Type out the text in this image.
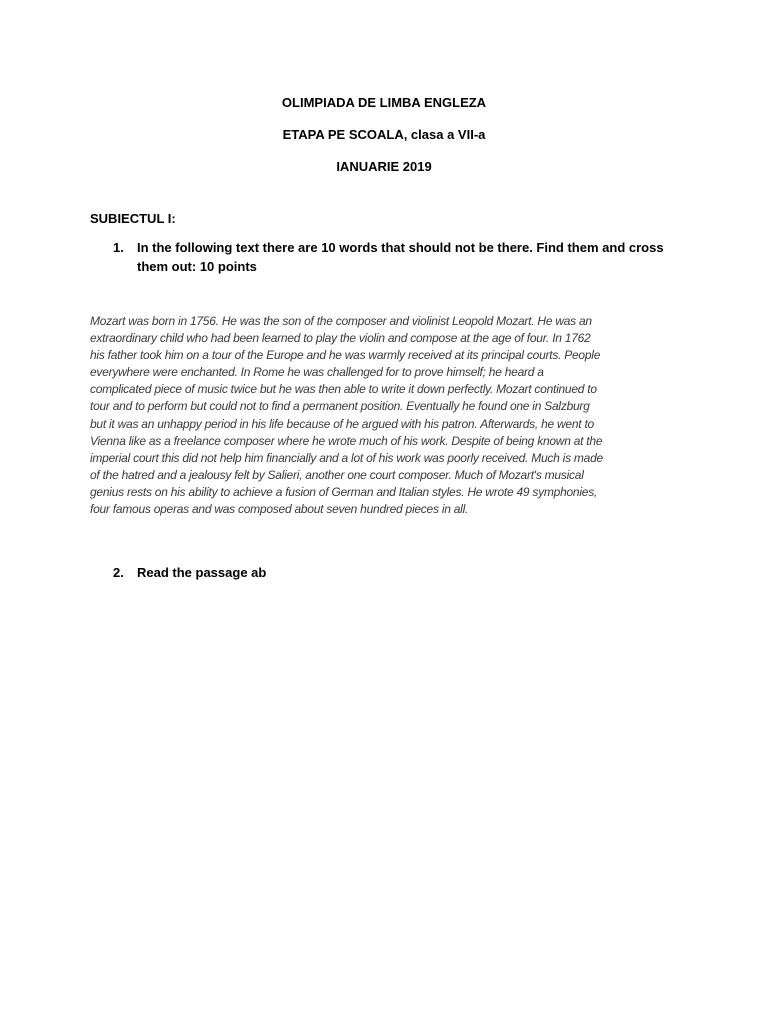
OLIMPIADA DE LIMBA ENGLEZA
ETAPA PE SCOALA, clasa a VII-a
IANUARIE 2019
SUBIECTUL I:
1.	In the following text there are 10 words that should not be there. Find them and cross them out: 10 points
Mozart was born in 1756. He was the son of the composer and violinist Leopold Mozart. He was an
extraordinary child who had been learned to play the violin and compose at the age of four. In 1762
his father took him on a tour of the Europe and he was warmly received at its principal courts. People
everywhere were enchanted. In Rome he was challenged for to prove himself; he heard a
complicated piece of music twice but he was then able to write it down perfectly. Mozart continued to
tour and to perform but could not to find a permanent position. Eventually he found one in Salzburg
but it was an unhappy period in his life because of he argued with his patron. Afterwards, he went to
Vienna like as a freelance composer where he wrote much of his work. Despite of being known at the
imperial court this did not help him financially and a lot of his work was poorly received. Much is made
of the hatred and a jealousy felt by Salieri, another one court composer. Much of Mozart's musical
genius rests on his ability to achieve a fusion of German and Italian styles. He wrote 49 symphonies,
four famous operas and was composed about seven hundred pieces in all.
2.	Read the passage ab
